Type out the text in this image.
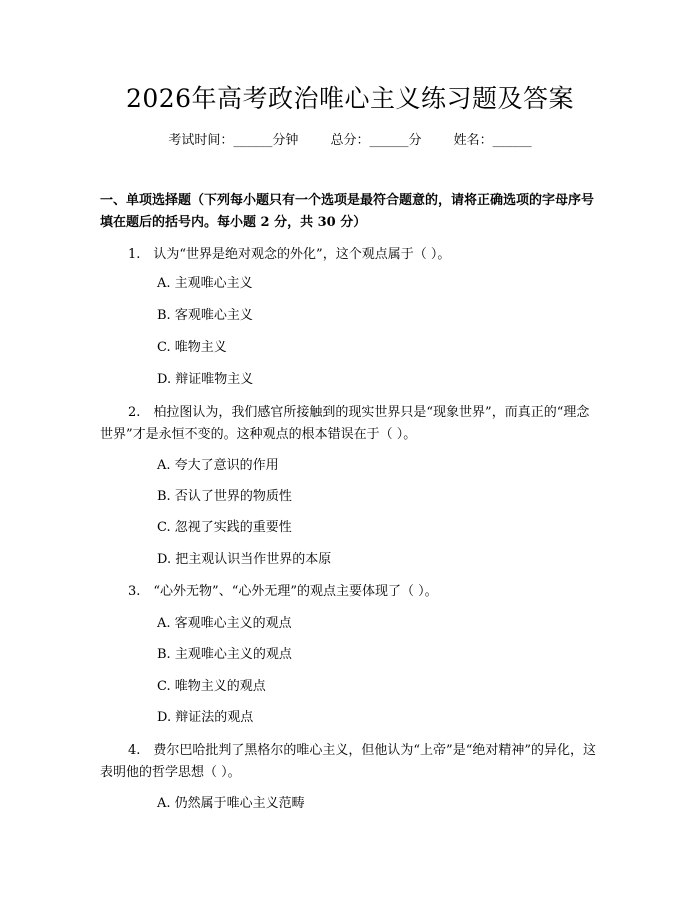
2026年高考政治唯心主义练习题及答案
考试时间：______分钟 总分：______分 姓名：______
一、单项选择题（下列每小题只有一个选项是最符合题意的，请将正确选项的字母序号填在题后的括号内。每小题 2 分，共 30 分）
1.　认为“世界是绝对观念的外化”，这个观点属于（ ）。
A. 主观唯心主义
B. 客观唯心主义
C. 唯物主义
D. 辩证唯物主义
2.　柏拉图认为，我们感官所接触到的现实世界只是“现象世界”，而真正的“理念世界”才是永恒不变的。这种观点的根本错误在于（ ）。
A. 夸大了意识的作用
B. 否认了世界的物质性
C. 忽视了实践的重要性
D. 把主观认识当作世界的本原
3.　“心外无物”、“心外无理”的观点主要体现了（ ）。
A. 客观唯心主义的观点
B. 主观唯心主义的观点
C. 唯物主义的观点
D. 辩证法的观点
4.　费尔巴哈批判了黑格尔的唯心主义，但他认为“上帝”是“绝对精神”的异化，这表明他的哲学思想（ ）。
A. 仍然属于唯心主义范畴
